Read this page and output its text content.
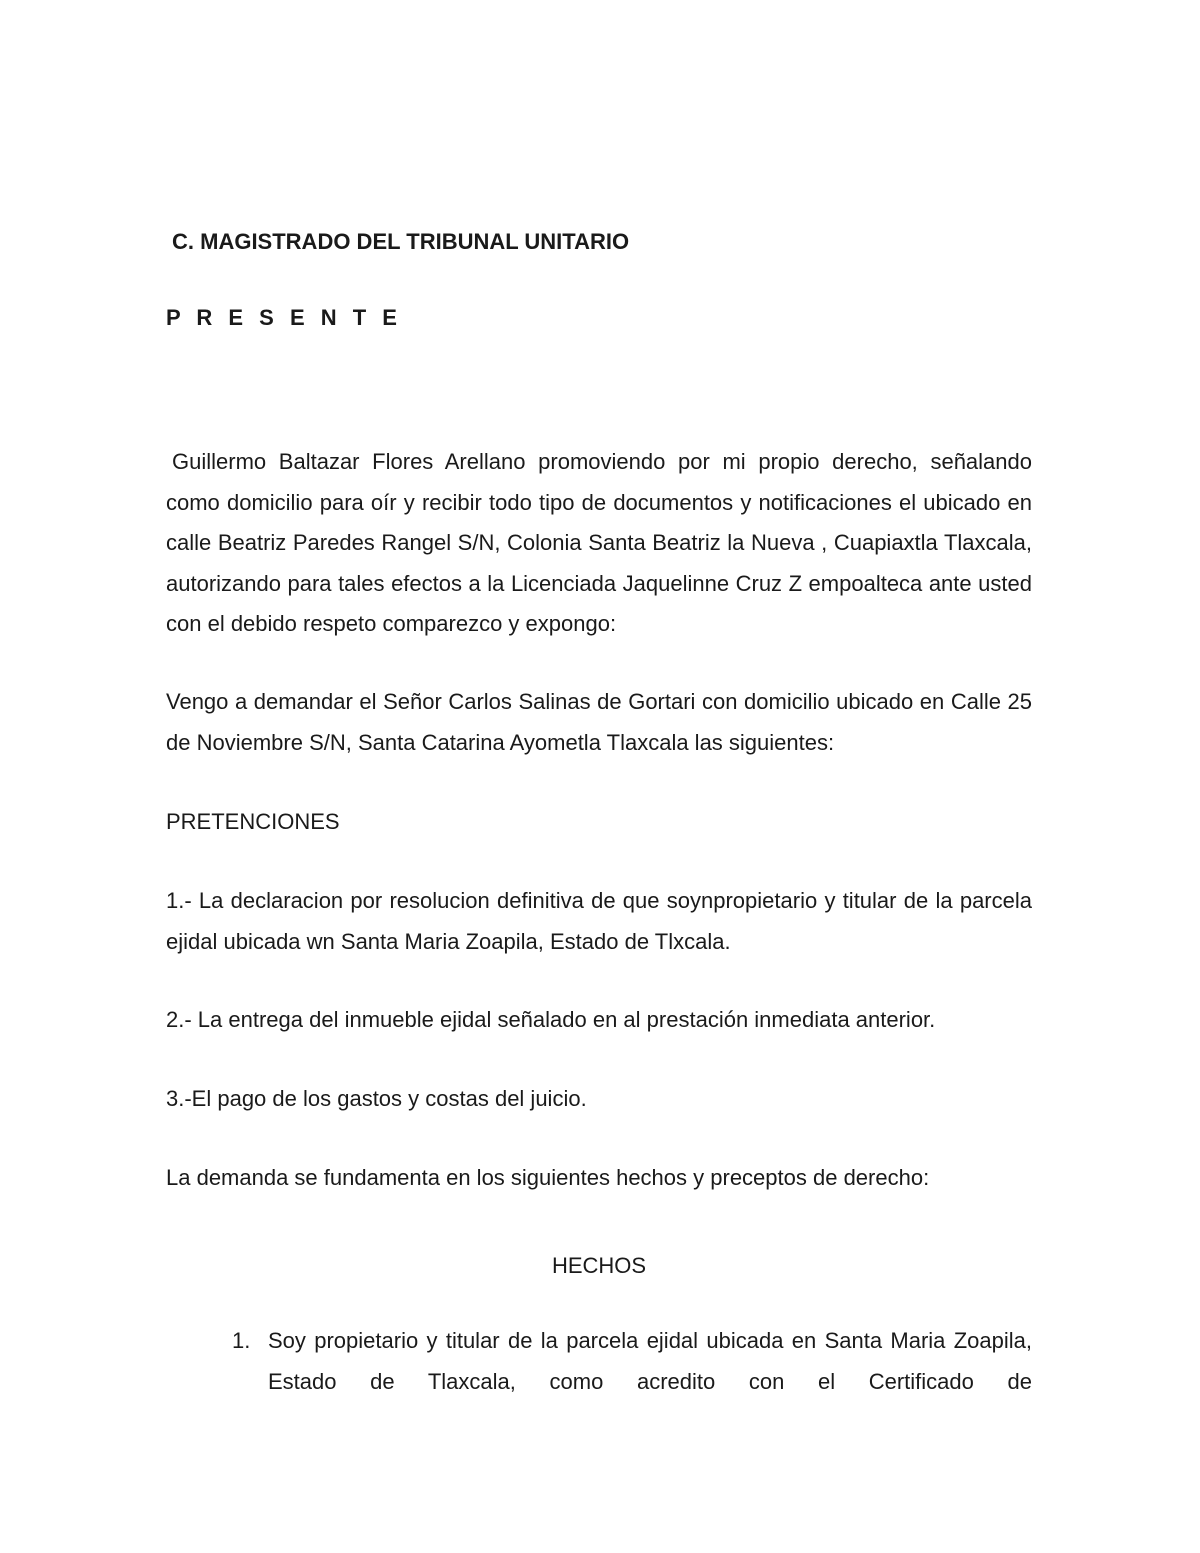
C. MAGISTRADO DEL TRIBUNAL UNITARIO
P R E S E N T E
Guillermo Baltazar Flores Arellano promoviendo por mi propio derecho, señalando como domicilio para oír y recibir todo tipo de documentos y notificaciones el ubicado en calle Beatriz Paredes Rangel S/N, Colonia Santa Beatriz la Nueva , Cuapiaxtla Tlaxcala, autorizando para tales efectos a la Licenciada Jaquelinne Cruz Z empoalteca ante usted con el debido respeto comparezco y expongo:
Vengo a demandar el Señor Carlos Salinas de Gortari con domicilio ubicado en Calle 25 de Noviembre S/N, Santa Catarina Ayometla Tlaxcala las siguientes:
PRETENCIONES
1.- La declaracion por resolucion definitiva de que soynpropietario y titular de la parcela ejidal ubicada wn Santa Maria Zoapila, Estado de Tlxcala.
2.- La entrega del inmueble ejidal señalado en al prestación inmediata anterior.
3.-El pago de los gastos y costas del juicio.
La demanda se fundamenta en los siguientes hechos y preceptos de derecho:
HECHOS
1. Soy propietario y titular de la parcela ejidal ubicada en Santa Maria Zoapila, Estado de Tlaxcala, como acredito con el Certificado de
